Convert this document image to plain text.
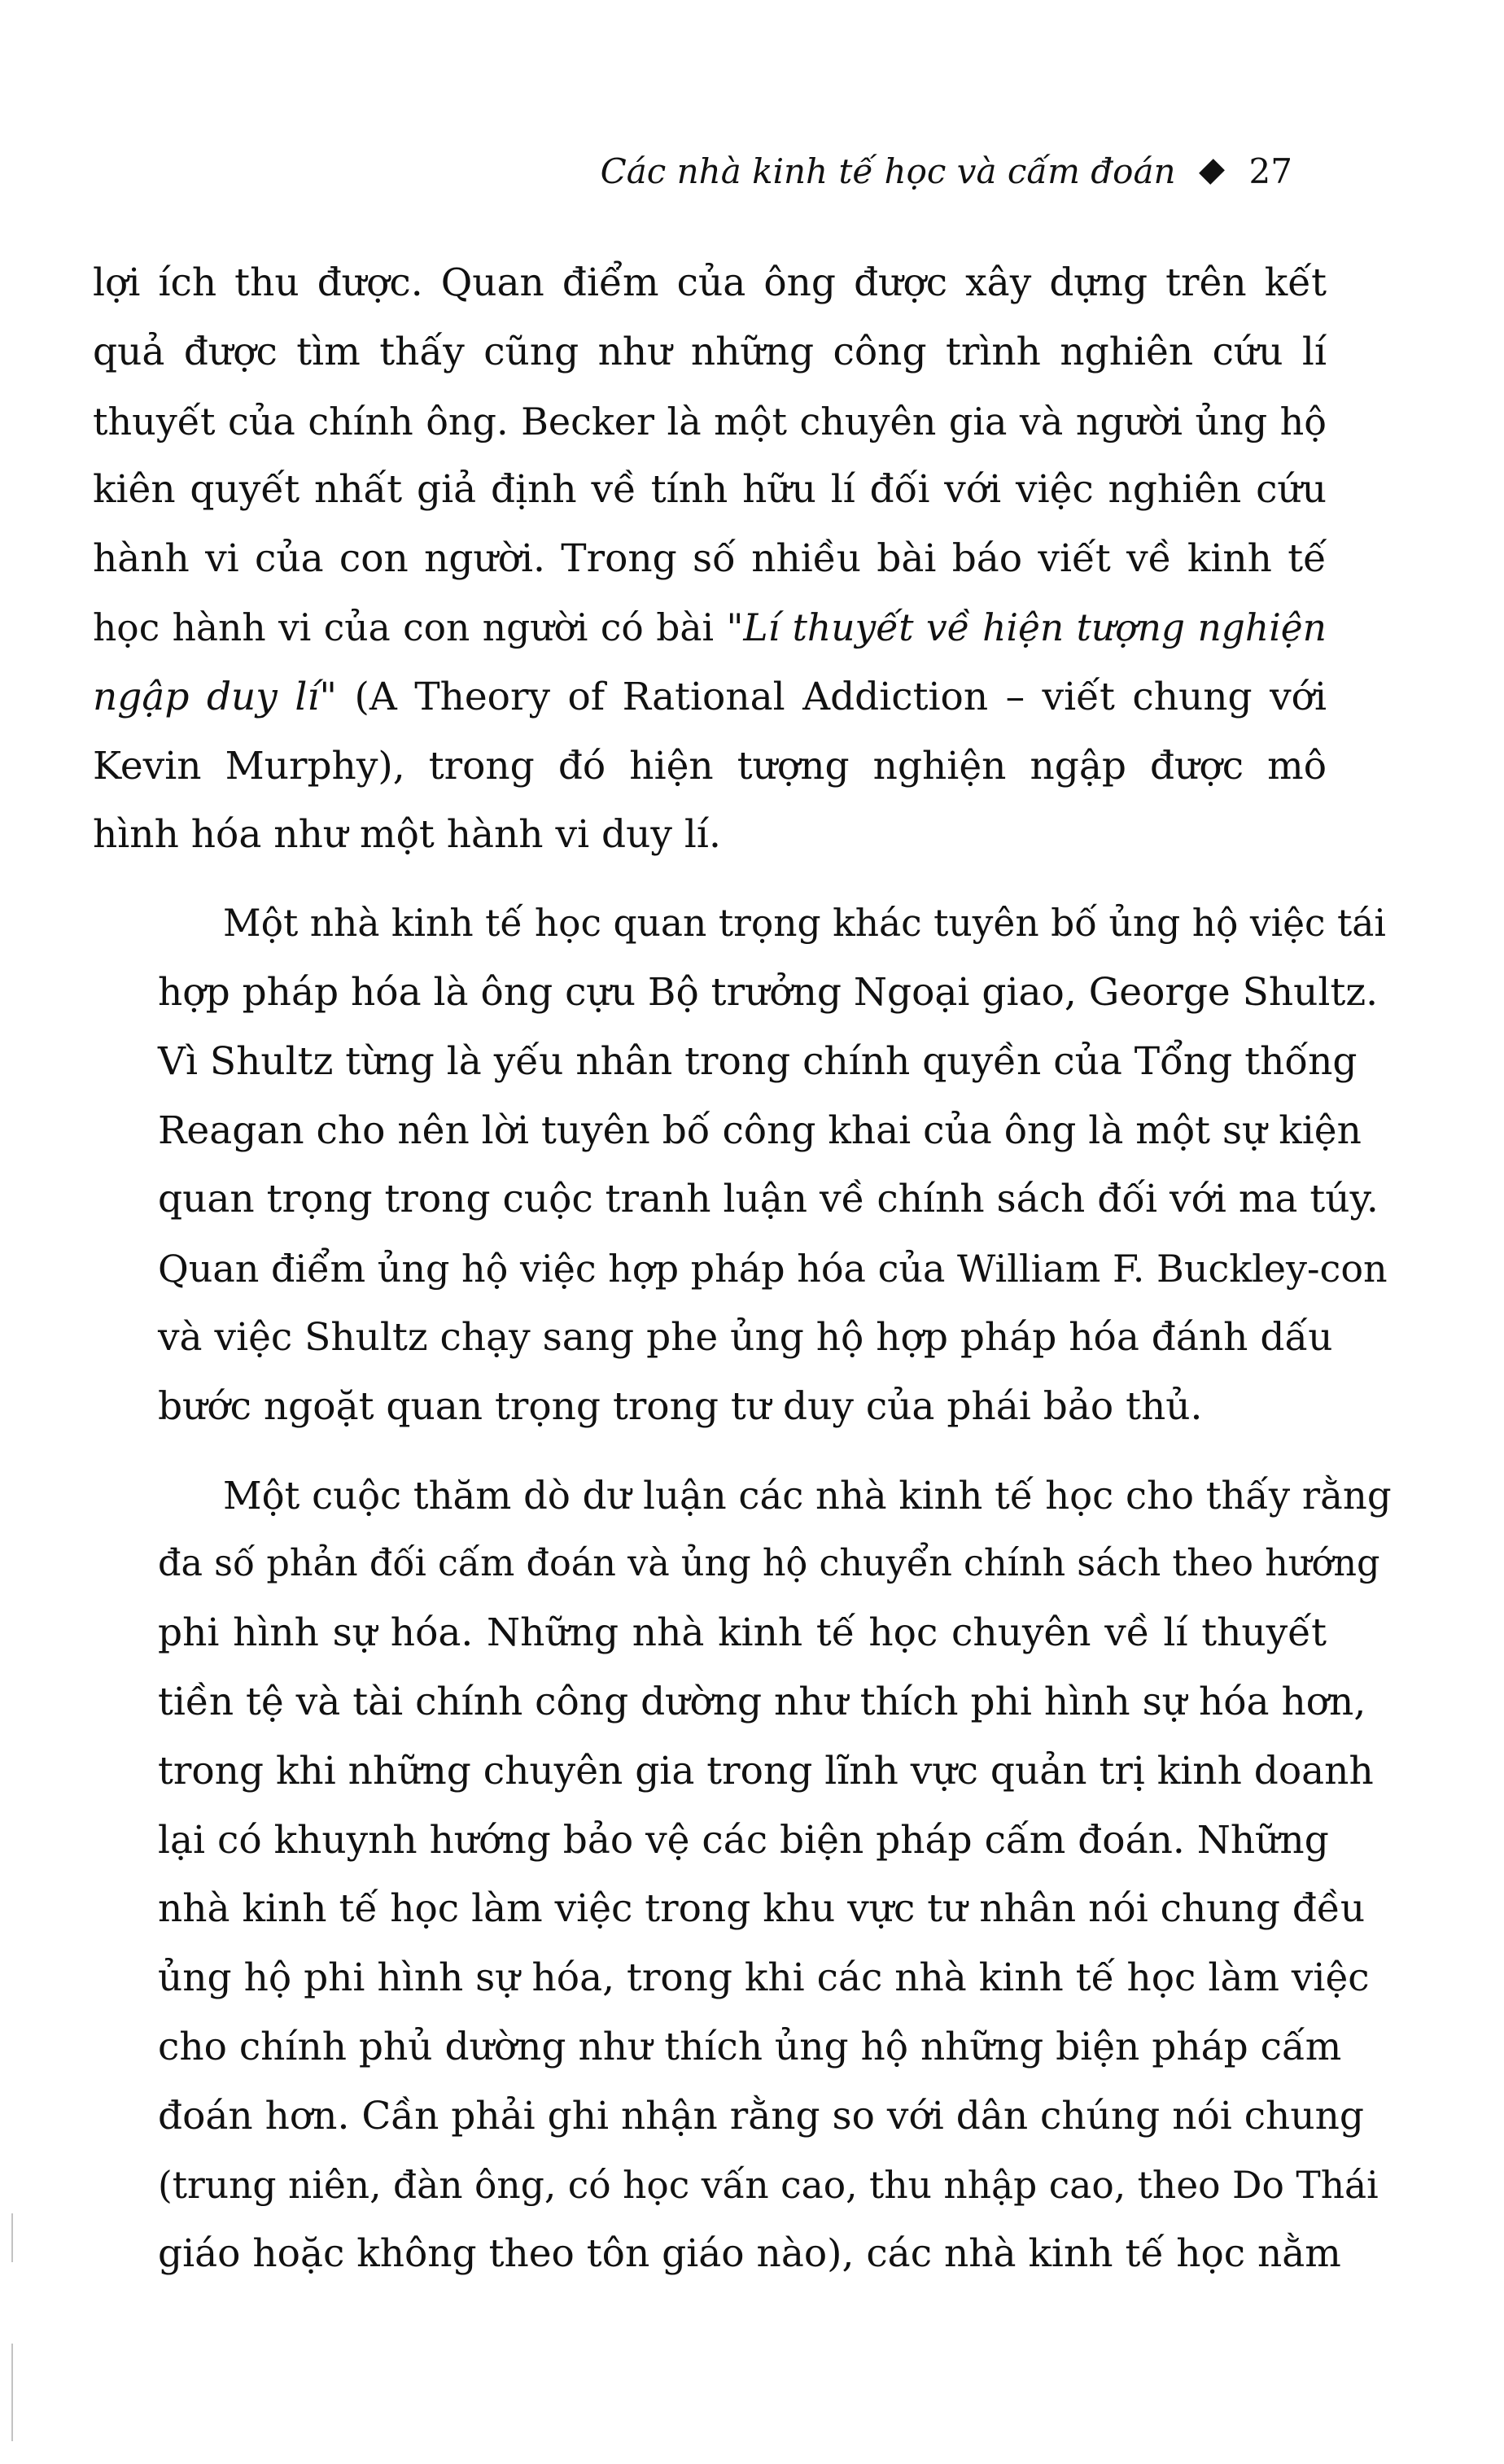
Các nhà kinh tế học và cấm đoán 27
lợi ích thu được. Quan điểm của ông được xây dựng trên kết
quả được tìm thấy cũng như những công trình nghiên cứu lí
thuyết của chính ông. Becker là một chuyên gia và người ủng hộ
kiên quyết nhất giả định về tính hữu lí đối với việc nghiên cứu
hành vi của con người. Trong số nhiều bài báo viết về kinh tế
học hành vi của con người có bài "Lí thuyết về hiện tượng nghiện
ngập duy lí" (A Theory of Rational Addiction – viết chung với
Kevin Murphy), trong đó hiện tượng nghiện ngập được mô
hình hóa như một hành vi duy lí.
Một nhà kinh tế học quan trọng khác tuyên bố ủng hộ việc tái
hợp pháp hóa là ông cựu Bộ trưởng Ngoại giao, George Shultz.
Vì Shultz từng là yếu nhân trong chính quyền của Tổng thống
Reagan cho nên lời tuyên bố công khai của ông là một sự kiện
quan trọng trong cuộc tranh luận về chính sách đối với ma túy.
Quan điểm ủng hộ việc hợp pháp hóa của William F. Buckley-con
và việc Shultz chạy sang phe ủng hộ hợp pháp hóa đánh dấu
bước ngoặt quan trọng trong tư duy của phái bảo thủ.
Một cuộc thăm dò dư luận các nhà kinh tế học cho thấy rằng
đa số phản đối cấm đoán và ủng hộ chuyển chính sách theo hướng
phi hình sự hóa. Những nhà kinh tế học chuyên về lí thuyết
tiền tệ và tài chính công dường như thích phi hình sự hóa hơn,
trong khi những chuyên gia trong lĩnh vực quản trị kinh doanh
lại có khuynh hướng bảo vệ các biện pháp cấm đoán. Những
nhà kinh tế học làm việc trong khu vực tư nhân nói chung đều
ủng hộ phi hình sự hóa, trong khi các nhà kinh tế học làm việc
cho chính phủ dường như thích ủng hộ những biện pháp cấm
đoán hơn. Cần phải ghi nhận rằng so với dân chúng nói chung
(trung niên, đàn ông, có học vấn cao, thu nhập cao, theo Do Thái
giáo hoặc không theo tôn giáo nào), các nhà kinh tế học nằm
